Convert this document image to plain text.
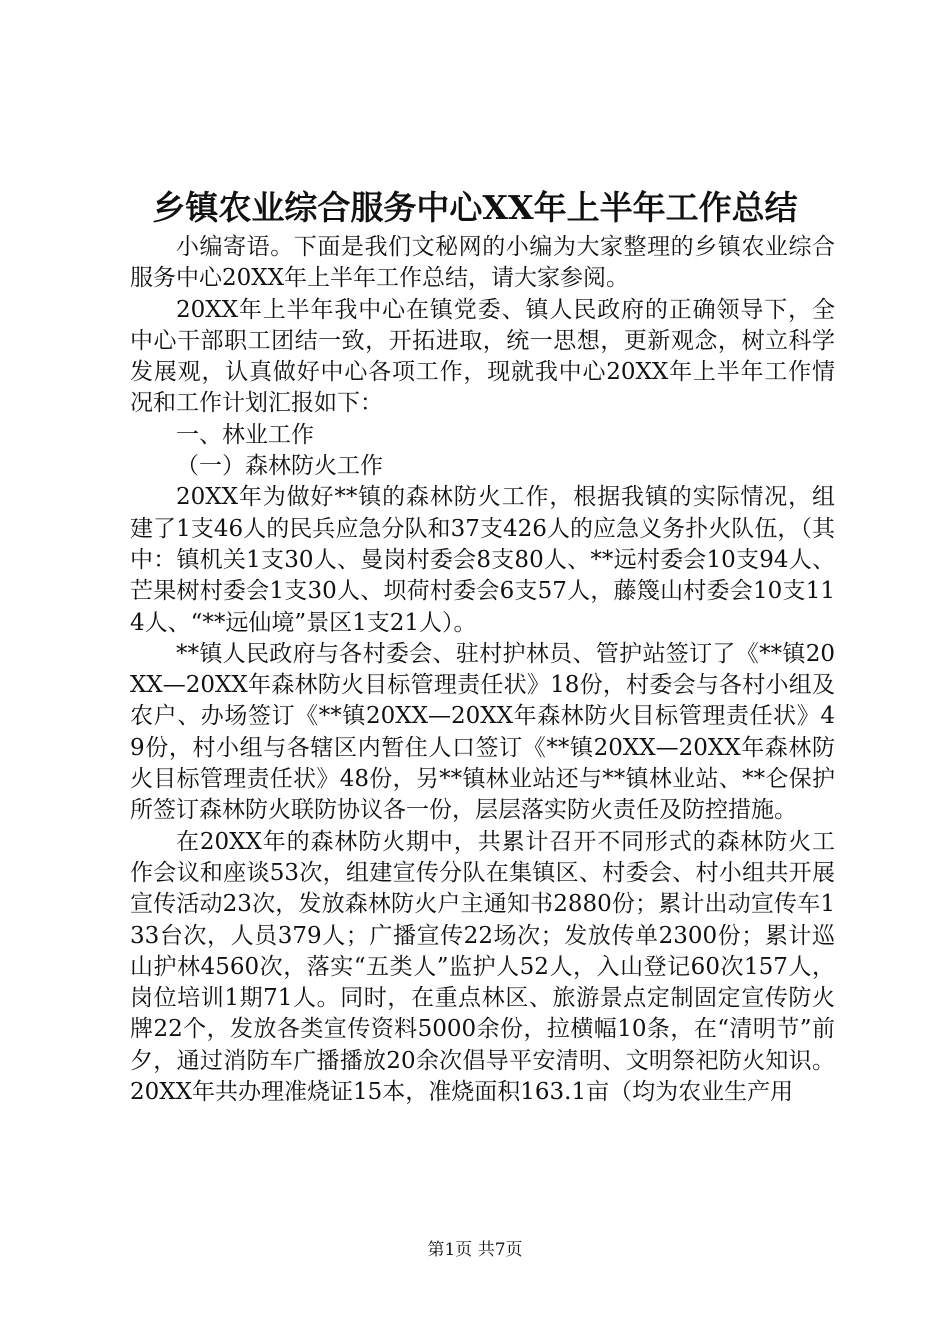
乡镇农业综合服务中心XX年上半年工作总结

小编寄语。下面是我们文秘网的小编为大家整理的乡镇农业综合服务中心20XX年上半年工作总结，请大家参阅。

20XX年上半年我中心在镇党委、镇人民政府的正确领导下，全中心干部职工团结一致，开拓进取，统一思想，更新观念，树立科学发展观，认真做好中心各项工作，现就我中心20XX年上半年工作情况和工作计划汇报如下：

一、林业工作

（一）森林防火工作

20XX年为做好**镇的森林防火工作，根据我镇的实际情况，组建了1支46人的民兵应急分队和37支426人的应急义务扑火队伍，（其中：镇机关1支30人、曼岗村委会8支80人、**远村委会10支94人、芒果树村委会1支30人、坝荷村委会6支57人，藤篾山村委会10支114人、“**远仙境”景区1支21人）。

**镇人民政府与各村委会、驻村护林员、管护站签订了《**镇20XX—20XX年森林防火目标管理责任状》18份，村委会与各村小组及农户、办场签订《**镇20XX—20XX年森林防火目标管理责任状》49份，村小组与各辖区内暂住人口签订《**镇20XX—20XX年森林防火目标管理责任状》48份，另**镇林业站还与**镇林业站、**仑保护所签订森林防火联防协议各一份，层层落实防火责任及防控措施。

在20XX年的森林防火期中，共累计召开不同形式的森林防火工作会议和座谈53次，组建宣传分队在集镇区、村委会、村小组共开展宣传活动23次，发放森林防火户主通知书2880份；累计出动宣传车133台次，人员379人；广播宣传22场次；发放传单2300份；累计巡山护林4560次，落实“五类人”监护人52人，入山登记60次157人，岗位培训1期71人。同时，在重点林区、旅游景点定制固定宣传防火牌22个，发放各类宣传资料5000余份，拉横幅10条，在“清明节”前夕，通过消防车广播播放20余次倡导平安清明、文明祭祀防火知识。20XX年共办理准烧证15本，准烧面积163.1亩（均为农业生产用

第1页 共7页
